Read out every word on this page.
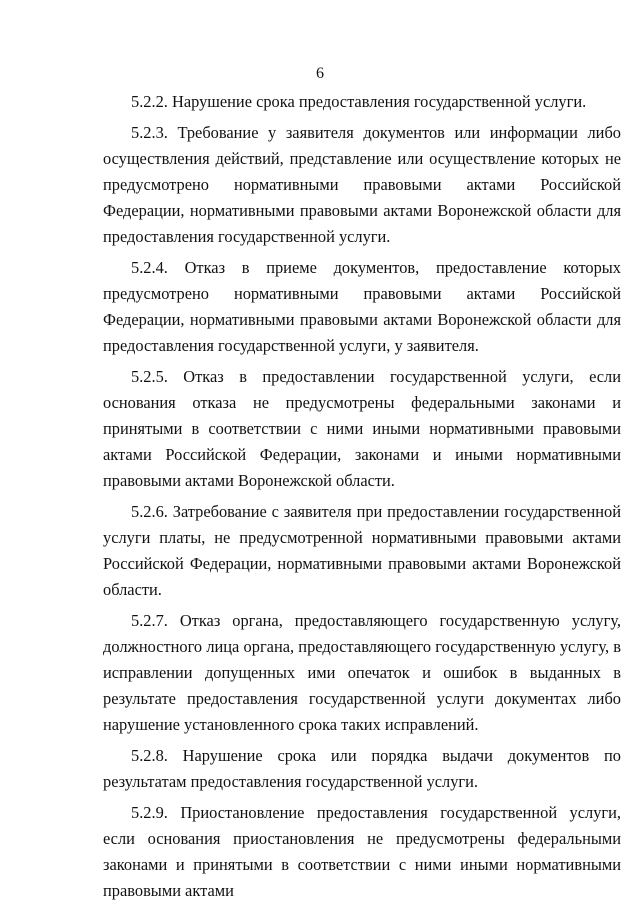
6

5.2.2. Нарушение срока предоставления государственной услуги.

5.2.3. Требование у заявителя документов или информации либо осуществления действий, представление или осуществление которых не предусмотрено нормативными правовыми актами Российской Федерации, нормативными правовыми актами Воронежской области для предоставления государственной услуги.

5.2.4. Отказ в приеме документов, предоставление которых предусмотрено нормативными правовыми актами Российской Федерации, нормативными правовыми актами Воронежской области для предоставления государственной услуги, у заявителя.

5.2.5. Отказ в предоставлении государственной услуги, если основания отказа не предусмотрены федеральными законами и принятыми в соответствии с ними иными нормативными правовыми актами Российской Федерации, законами и иными нормативными правовыми актами Воронежской области.

5.2.6. Затребование с заявителя при предоставлении государственной услуги платы, не предусмотренной нормативными правовыми актами Российской Федерации, нормативными правовыми актами Воронежской области.

5.2.7. Отказ органа, предоставляющего государственную услугу, должностного лица органа, предоставляющего государственную услугу, в исправлении допущенных ими опечаток и ошибок в выданных в результате предоставления государственной услуги документах либо нарушение установленного срока таких исправлений.

5.2.8. Нарушение срока или порядка выдачи документов по результатам предоставления государственной услуги.

5.2.9. Приостановление предоставления государственной услуги, если основания приостановления не предусмотрены федеральными законами и принятыми в соответствии с ними иными нормативными правовыми актами
